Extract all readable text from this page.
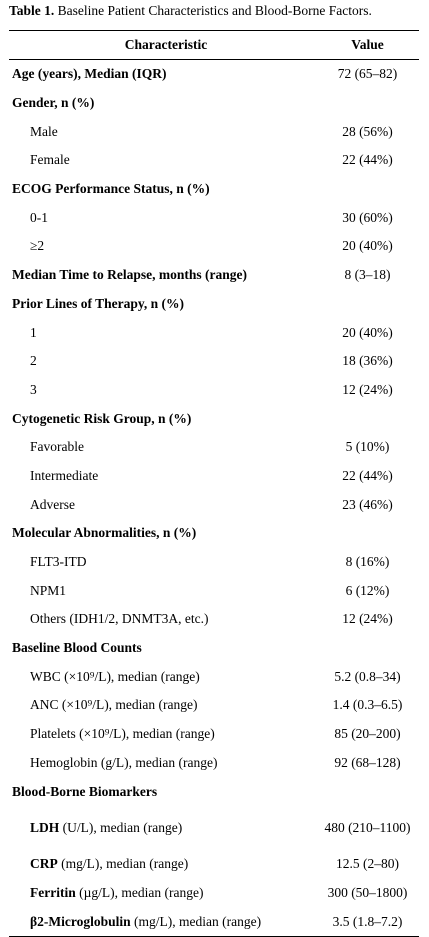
Table 1. Baseline Patient Characteristics and Blood-Borne Factors.
Characteristic	Value
Age (years), Median (IQR)	72 (65–82)
Gender, n (%)
Male	28 (56%)
Female	22 (44%)
ECOG Performance Status, n (%)
0-1	30 (60%)
≥2	20 (40%)
Median Time to Relapse, months (range)	8 (3–18)
Prior Lines of Therapy, n (%)
1	20 (40%)
2	18 (36%)
3	12 (24%)
Cytogenetic Risk Group, n (%)
Favorable	5 (10%)
Intermediate	22 (44%)
Adverse	23 (46%)
Molecular Abnormalities, n (%)
FLT3-ITD	8 (16%)
NPM1	6 (12%)
Others (IDH1/2, DNMT3A, etc.)	12 (24%)
Baseline Blood Counts
WBC (×10⁹/L), median (range)	5.2 (0.8–34)
ANC (×10⁹/L), median (range)	1.4 (0.3–6.5)
Platelets (×10⁹/L), median (range)	85 (20–200)
Hemoglobin (g/L), median (range)	92 (68–128)
Blood-Borne Biomarkers
LDH (U/L), median (range)	480 (210–1100)
CRP (mg/L), median (range)	12.5 (2–80)
Ferritin (µg/L), median (range)	300 (50–1800)
β2-Microglobulin (mg/L), median (range)	3.5 (1.8–7.2)
